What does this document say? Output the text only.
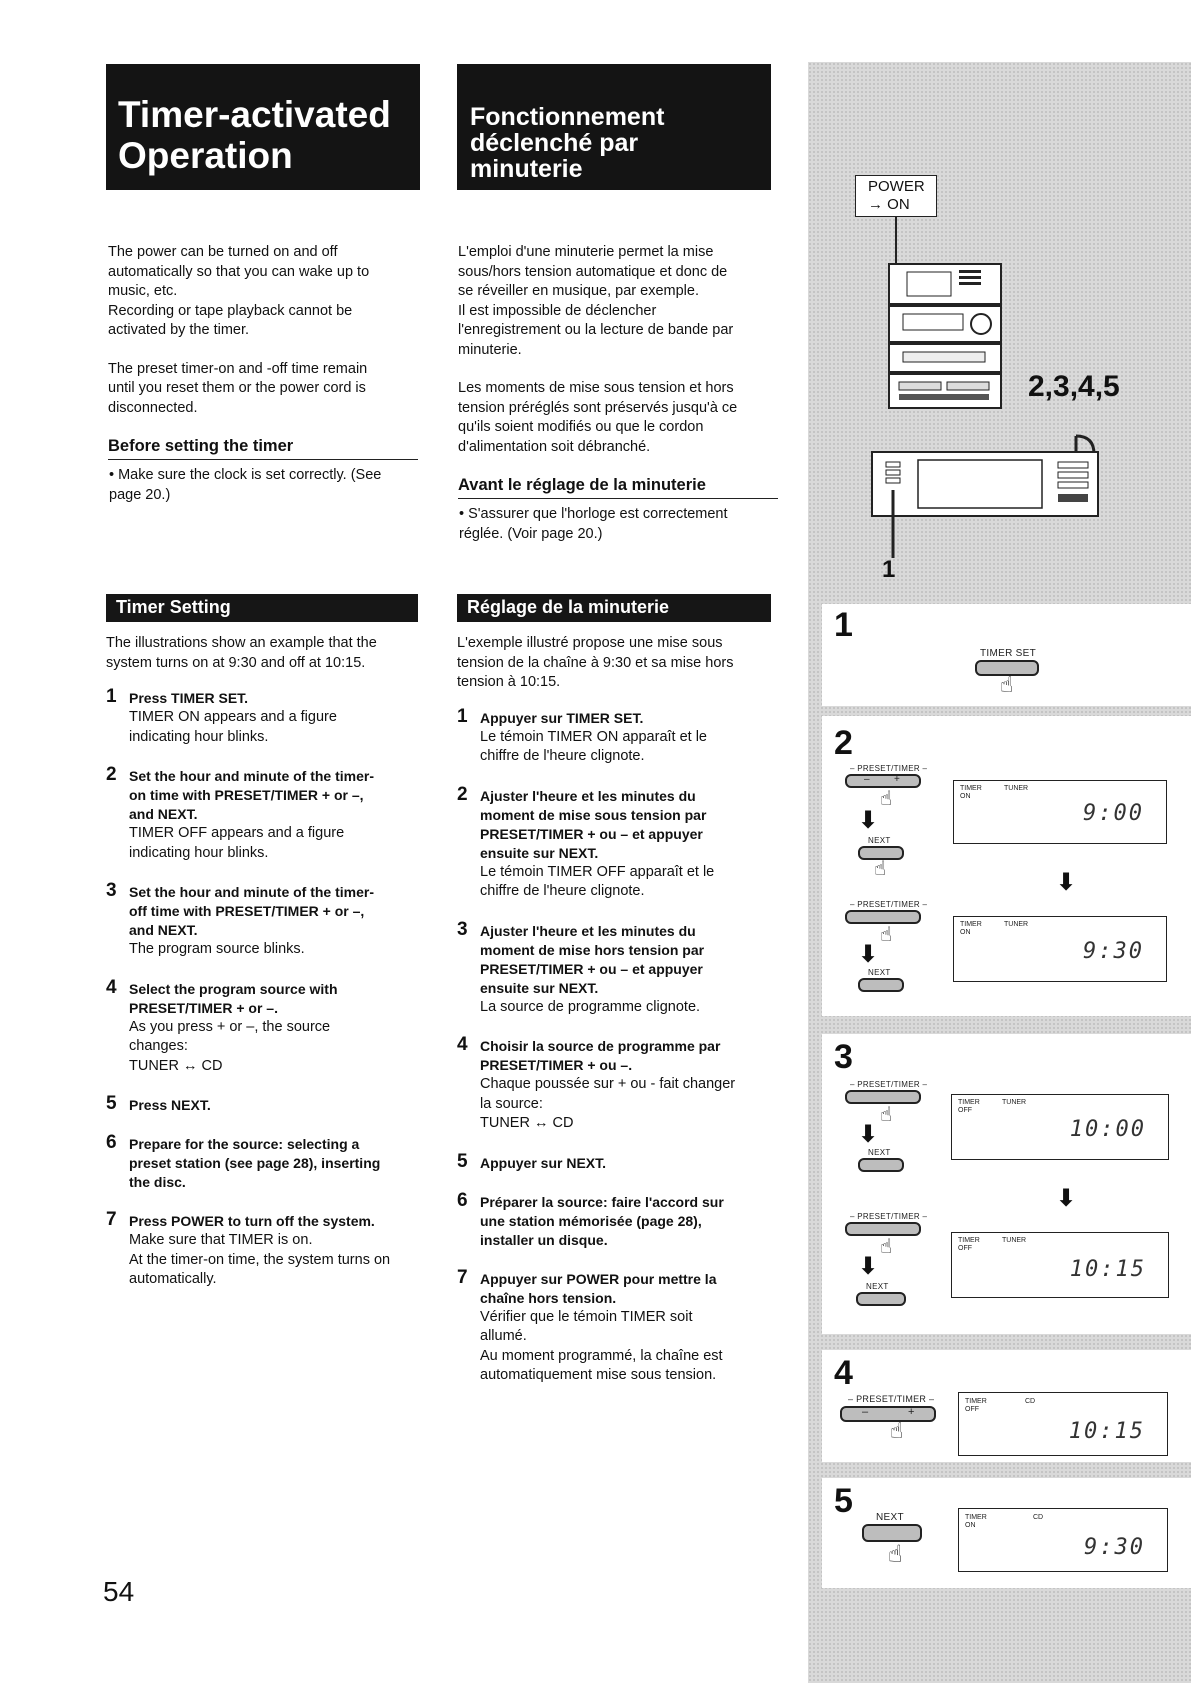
Timer-activated
Operation

The power can be turned on and off
automatically so that you can wake up to
music, etc.
Recording or tape playback cannot be
activated by the timer.

The preset timer-on and -off time remain
until you reset them or the power cord is
disconnected.

Before setting the timer
• Make sure the clock is set correctly. (See
page 20.)
Timer Setting

The illustrations show an example that the
system turns on at 9:30 and off at 10:15.

1 Press TIMER SET.
TIMER ON appears and a figure
indicating hour blinks.
2 Set the hour and minute of the timer-
on time with PRESET/TIMER + or –,
and NEXT.
TIMER OFF appears and a figure
indicating hour blinks.
3 Set the hour and minute of the timer-
off time with PRESET/TIMER + or –,
and NEXT.
The program source blinks.
4 Select the program source with
PRESET/TIMER + or –.
As you press + or –, the source
changes:
TUNER ↔ CD
5 Press NEXT.
6 Prepare for the source: selecting a
preset station (see page 28), inserting
the disc.
7 Press POWER to turn off the system.
Make sure that TIMER is on.
At the timer-on time, the system turns on
automatically.
Fonctionnement
déclenché par
minuterie

L'emploi d'une minuterie permet la mise
sous/hors tension automatique et donc de
se réveiller en musique, par exemple.
Il est impossible de déclencher
l'enregistrement ou la lecture de bande par
minuterie.

Les moments de mise sous tension et hors
tension préréglés sont préservés jusqu'à ce
qu'ils soient modifiés ou que le cordon
d'alimentation soit débranché.

Avant le réglage de la minuterie
• S'assurer que l'horloge est correctement
réglée. (Voir page 20.)
Réglage de la minuterie

L'exemple illustré propose une mise sous
tension de la chaîne à 9:30 et sa mise hors
tension à 10:15.

1 Appuyer sur TIMER SET.
Le témoin TIMER ON apparaît et le
chiffre de l'heure clignote.
2 Ajuster l'heure et les minutes du
moment de mise sous tension par
PRESET/TIMER + ou – et appuyer
ensuite sur NEXT.
Le témoin TIMER OFF apparaît et le
chiffre de l'heure clignote.
3 Ajuster l'heure et les minutes du
moment de mise hors tension par
PRESET/TIMER + ou – et appuyer
ensuite sur NEXT.
La source de programme clignote.
4 Choisir la source de programme par
PRESET/TIMER + ou –.
Chaque poussée sur + ou - fait changer
la source:
TUNER ↔ CD
5 Appuyer sur NEXT.
6 Préparer la source: faire l'accord sur
une station mémorisée (page 28),
installer un disque.
7 Appuyer sur POWER pour mettre la
chaîne hors tension.
Vérifier que le témoin TIMER soit
allumé.
Au moment programmé, la chaîne est
automatiquement mise sous tension.
POWER
→ ON
2,3,4,5
1
1
TIMER SET
☝
2
– PRESET/TIMER –
– +
☝
⬇
NEXT
☝
TIMER
ON
TUNER
9:00
⬇
– PRESET/TIMER –
☝
⬇
NEXT
TIMER
ON
TUNER
9:30
3
– PRESET/TIMER –
☝
⬇
NEXT
TIMER
OFF
TUNER
10:00
⬇
– PRESET/TIMER –
☝
⬇
NEXT
TIMER
OFF
TUNER
10:15
4
– PRESET/TIMER –
–	+
☝
TIMER
OFF
CD
10:15
5 NEXT
☝
TIMER
ON
CD
9:30
54
